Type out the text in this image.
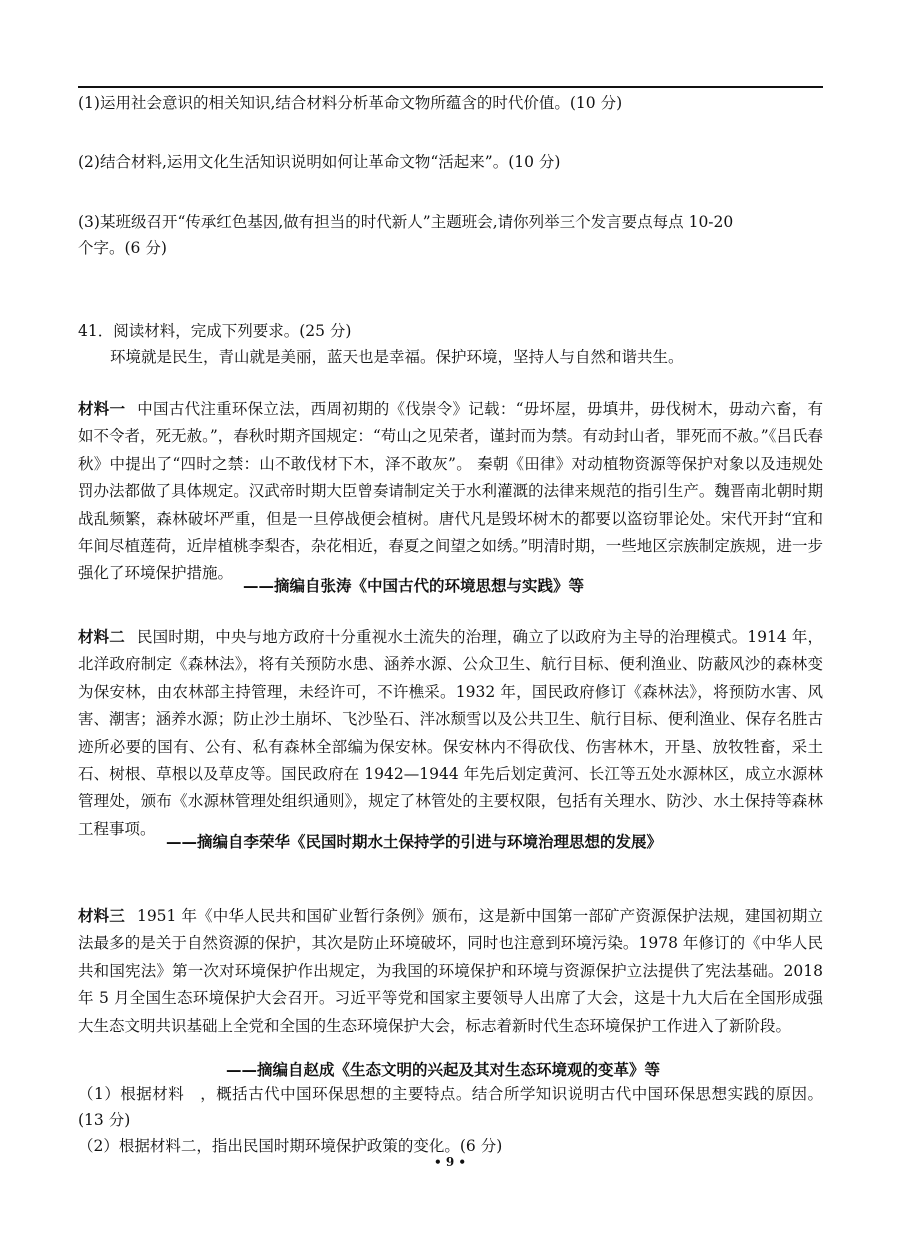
(1)运用社会意识的相关知识,结合材料分析革命文物所蕴含的时代价值。(10 分)
(2)结合材料,运用文化生活知识说明如何让革命文物“活起来”。(10 分)
(3)某班级召开“传承红色基因,做有担当的时代新人”主题班会,请你列举三个发言要点每点 10-20
个字。(6 分)
41．阅读材料，完成下列要求。(25 分)
环境就是民生，青山就是美丽，蓝天也是幸福。保护环境，坚持人与自然和谐共生。
材料一 中国古代注重环保立法，西周初期的《伐崇令》记载：“毋坏屋，毋填井，毋伐树木，毋动六畜，有如不令者，死无赦。”，春秋时期齐国规定：“苟山之见荣者，谨封而为禁。有动封山者，罪死而不赦。”《吕氏春秋》中提出了“四时之禁：山不敢伐材下木，泽不敢灰”。 秦朝《田律》对动植物资源等保护对象以及违规处罚办法都做了具体规定。汉武帝时期大臣曾奏请制定关于水利灌溉的法律来规范的指引生产。魏晋南北朝时期战乱频繁，森林破坏严重，但是一旦停战便会植树。唐代凡是毁坏树木的都要以盗窃罪论处。宋代开封“宜和年间尽植莲荷，近岸植桃李梨杏，杂花相近，春夏之间望之如绣。”明清时期，一些地区宗族制定族规，进一步强化了环境保护措施。
——摘编自张涛《中国古代的环境思想与实践》等
材料二 民国时期，中央与地方政府十分重视水土流失的治理，确立了以政府为主导的治理模式。1914 年，北洋政府制定《森林法》，将有关预防水患、涵养水源、公众卫生、航行目标、便利渔业、防蔽风沙的森林变为保安林，由农林部主持管理，未经许可，不许樵采。1932 年，国民政府修订《森林法》，将预防水害、风害、潮害；涵养水源；防止沙土崩坏、飞沙坠石、泮冰颓雪以及公共卫生、航行目标、便利渔业、保存名胜古迹所必要的国有、公有、私有森林全部编为保安林。保安林内不得砍伐、伤害林木，开垦、放牧牲畜，采土石、树根、草根以及草皮等。国民政府在 1942—1944 年先后划定黄河、长江等五处水源林区，成立水源林管理处，颁布《水源林管理处组织通则》，规定了林管处的主要权限，包括有关理水、防沙、水土保持等森林工程事项。
——摘编自李荣华《民国时期水土保持学的引进与环境治理思想的发展》
材料三 1951 年《中华人民共和国矿业暂行条例》颁布，这是新中国第一部矿产资源保护法规，建国初期立法最多的是关于自然资源的保护，其次是防止环境破坏，同时也注意到环境污染。1978 年修订的《中华人民共和国宪法》第一次对环境保护作出规定，为我国的环境保护和环境与资源保护立法提供了宪法基础。2018 年 5 月全国生态环境保护大会召开。习近平等党和国家主要领导人出席了大会，这是十九大后在全国形成强大生态文明共识基础上全党和全国的生态环境保护大会，标志着新时代生态环境保护工作进入了新阶段。
——摘编自赵成《生态文明的兴起及其对生态环境观的变革》等
（1）根据材料　，概括古代中国环保思想的主要特点。结合所学知识说明古代中国环保思想实践的原因。(13 分)
（2）根据材料二，指出民国时期环境保护政策的变化。(6 分)
• 9 •
